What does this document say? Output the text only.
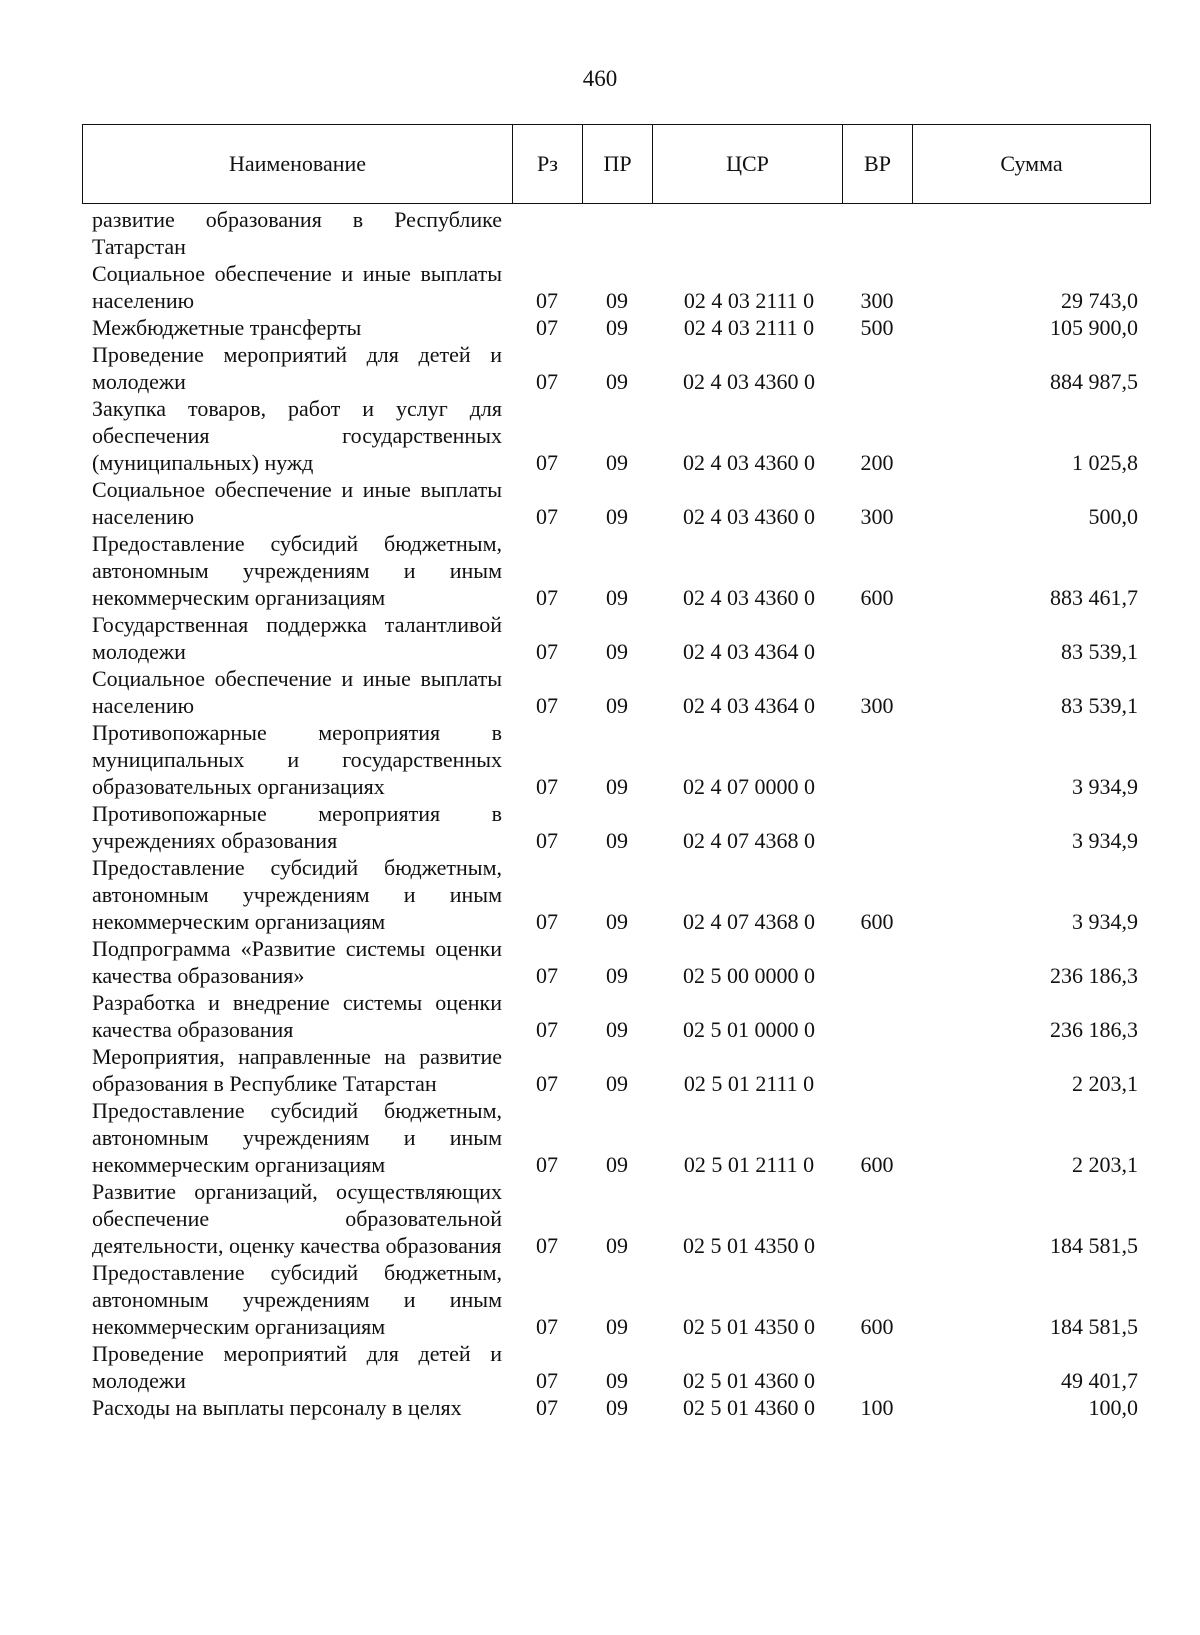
460
Наименование	Рз	ПР	ЦСР	ВР	Сумма
развитие образования в Республике Татарстан					
Социальное обеспечение и иные выплаты населению	07	09	02 4 03 2111 0	300	29 743,0
Межбюджетные трансферты	07	09	02 4 03 2111 0	500	105 900,0
Проведение мероприятий для детей и молодежи	07	09	02 4 03 4360 0		884 987,5
Закупка товаров, работ и услуг для обеспечения государственных (муниципальных) нужд	07	09	02 4 03 4360 0	200	1 025,8
Социальное обеспечение и иные выплаты населению	07	09	02 4 03 4360 0	300	500,0
Предоставление субсидий бюджетным, автономным учреждениям и иным некоммерческим организациям	07	09	02 4 03 4360 0	600	883 461,7
Государственная поддержка талантливой молодежи	07	09	02 4 03 4364 0		83 539,1
Социальное обеспечение и иные выплаты населению	07	09	02 4 03 4364 0	300	83 539,1
Противопожарные мероприятия в муниципальных и государственных образовательных организациях	07	09	02 4 07 0000 0		3 934,9
Противопожарные мероприятия в учреждениях образования	07	09	02 4 07 4368 0		3 934,9
Предоставление субсидий бюджетным, автономным учреждениям и иным некоммерческим организациям	07	09	02 4 07 4368 0	600	3 934,9
Подпрограмма «Развитие системы оценки качества образования»	07	09	02 5 00 0000 0		236 186,3
Разработка и внедрение системы оценки качества образования	07	09	02 5 01 0000 0		236 186,3
Мероприятия, направленные на развитие образования в Республике Татарстан	07	09	02 5 01 2111 0		2 203,1
Предоставление субсидий бюджетным, автономным учреждениям и иным некоммерческим организациям	07	09	02 5 01 2111 0	600	2 203,1
Развитие организаций, осуществляющих обеспечение образовательной деятельности, оценку качества образования	07	09	02 5 01 4350 0		184 581,5
Предоставление субсидий бюджетным, автономным учреждениям и иным некоммерческим организациям	07	09	02 5 01 4350 0	600	184 581,5
Проведение мероприятий для детей и молодежи	07	09	02 5 01 4360 0		49 401,7
Расходы на выплаты персоналу в целях	07	09	02 5 01 4360 0	100	100,0
